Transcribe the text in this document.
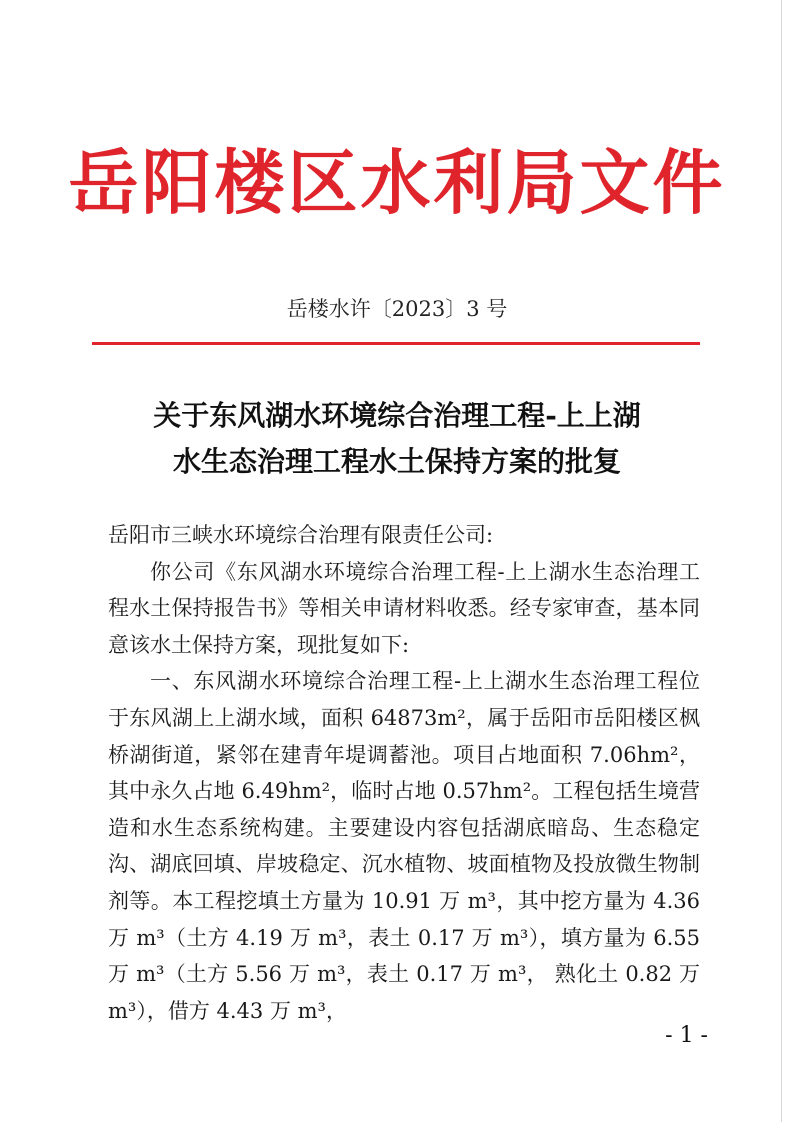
岳阳楼区水利局文件
岳楼水许〔2023〕3 号
关于东风湖水环境综合治理工程-上上湖
水生态治理工程水土保持方案的批复

岳阳市三峡水环境综合治理有限责任公司:

你公司《东风湖水环境综合治理工程-上上湖水生态治理工程水土保持报告书》等相关申请材料收悉。经专家审查，基本同意该水土保持方案，现批复如下:

一、东风湖水环境综合治理工程-上上湖水生态治理工程位于东风湖上上湖水域，面积 64873m²，属于岳阳市岳阳楼区枫桥湖街道，紧邻在建青年堤调蓄池。项目占地面积 7.06hm²，其中永久占地 6.49hm²，临时占地 0.57hm²。工程包括生境营造和水生态系统构建。主要建设内容包括湖底暗岛、生态稳定沟、湖底回填、岸坡稳定、沉水植物、坡面植物及投放微生物制剂等。本工程挖填土方量为 10.91 万 m³，其中挖方量为 4.36 万 m³（土方 4.19 万 m³，表土 0.17 万 m³），填方量为 6.55 万 m³（土方 5.56 万 m³，表土 0.17 万 m³， 熟化土 0.82 万 m³），借方 4.43 万 m³，

- 1 -
